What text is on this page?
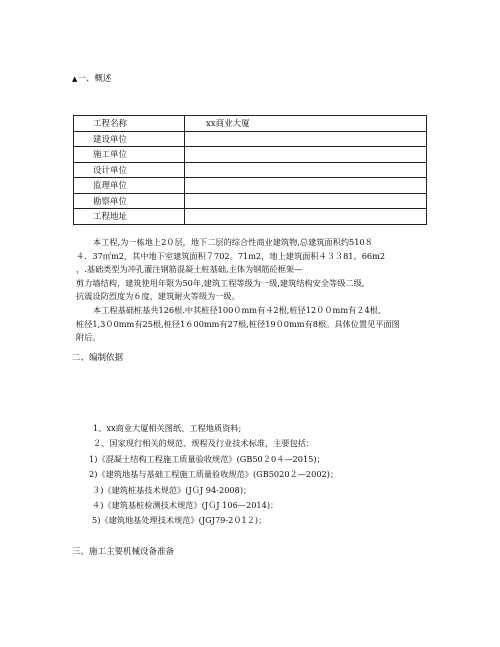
▲一、概述
工程名称	xx商业大厦
建设单位	
施工单位	
设计单位	
监理单位	
勘察单位	
工程地址	
本工程,为一栋地上2０层，地下二层的综合性商业建筑物,总建筑面积约510８
４．37㎡m2，其中地下室建筑面积７702。71m2，地上建筑面积４３３81。66m2
，.基础类型为冲孔灌注钢筋混凝土桩基础,主体为钢筋砼框架—
剪力墙结构，建筑使用年限为50年,建筑工程等级为一级,建筑结构安全等级二级,
抗震设防烈度为６度，建筑耐火等级为一级。
本工程基础桩基共126根.中其桩径100０mm有４2根,桩径12００mm有２4根,
桩径1,3０0mm有25根,桩径1６00mm有27根,桩径19０0mm有8根。具体位置见平面图
附后。
二、编制依据
1、xx商业大厦相关图纸、工程地质资料;
２、国家现行相关的规范、规程及行业技术标准，主要包括：
1)《混凝土结构工程施工质量验收规范》(GB50２0４—2015)；
2)《建筑地基与基础工程施工质量验收规范》(GB5020２—2002)；
３)《建筑桩基技术规范》(JＧJ 94-2008)；
４)《建筑基桩检测技术规范》(JＧJ 106—2014)：
5)《建筑地基处理技术规范》(JGJ79-2０1２)；
三、施工主要机械设备准备
